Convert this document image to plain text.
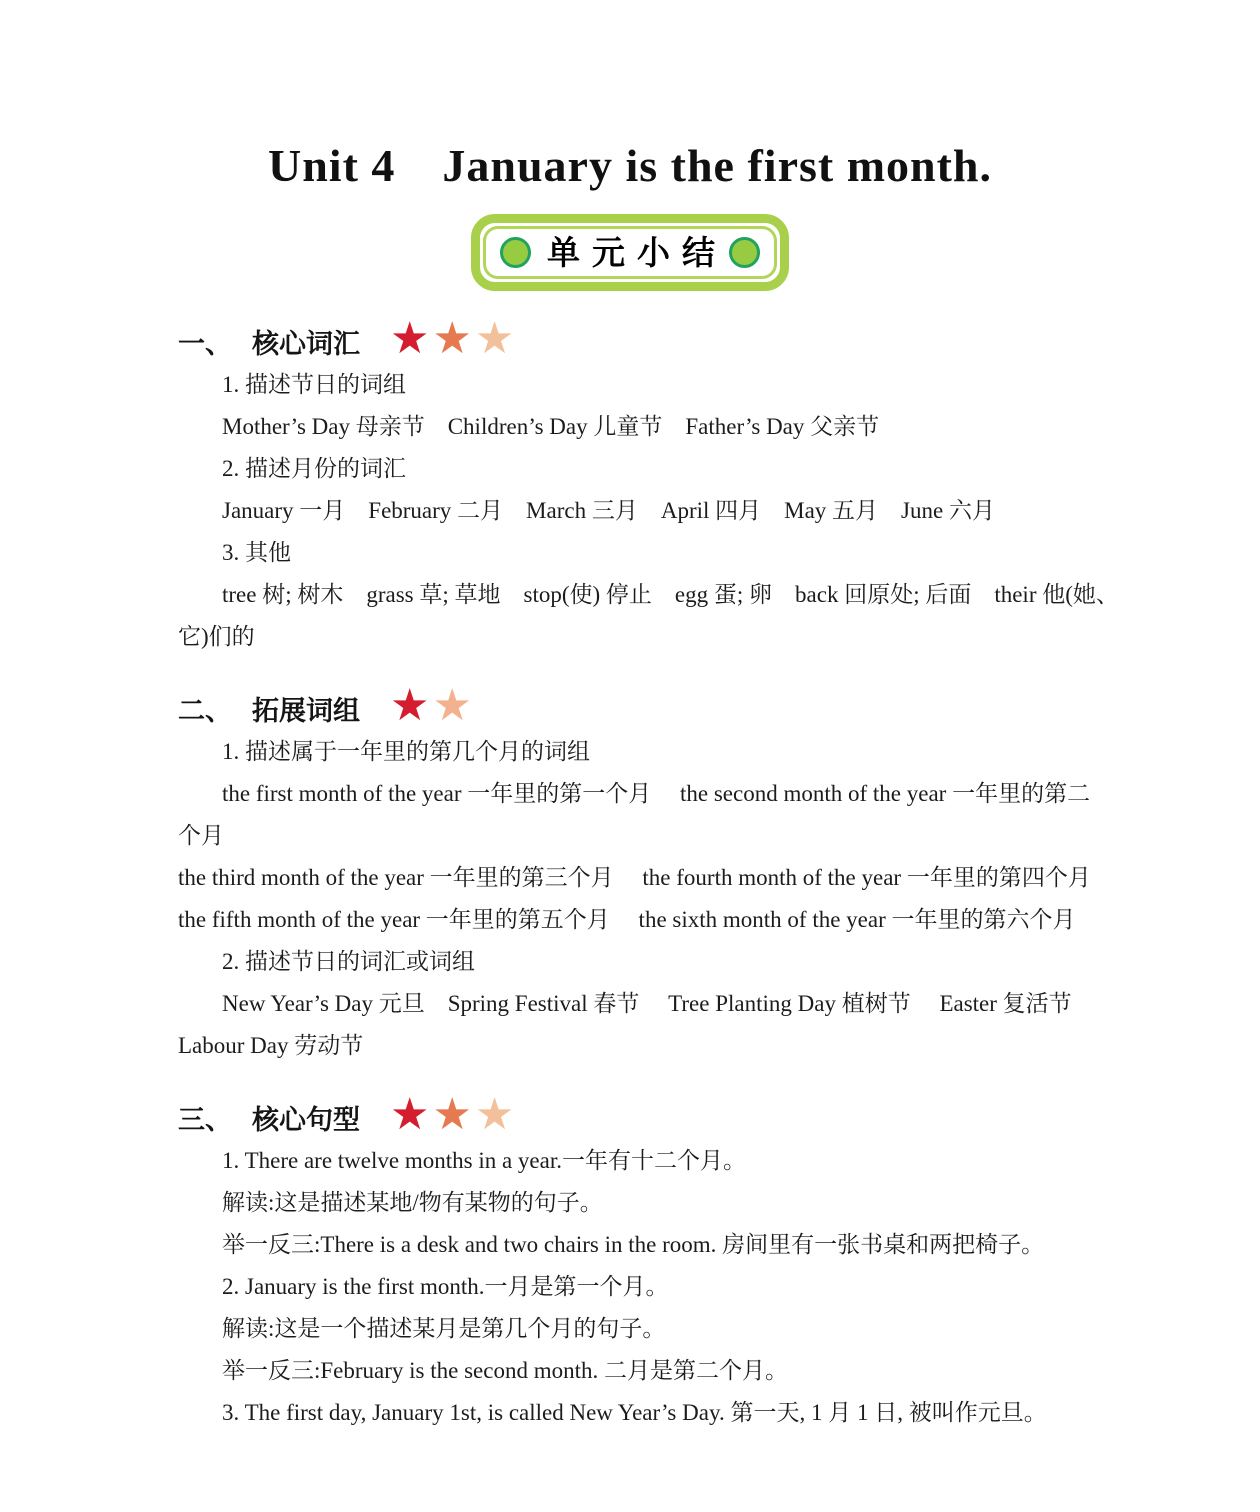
Unit 4　January is the first month.
单元小结
一、 核心词汇 ★ ★ ★

1. 描述节日的词组

Mother’s Day 母亲节　Children’s Day 儿童节　Father’s Day 父亲节

2. 描述月份的词汇

January 一月　February 二月　March 三月　April 四月　May 五月　June 六月

3. 其他

tree 树; 树木　grass 草; 草地　stop(使) 停止　egg 蛋; 卵　back 回原处; 后面　their 他(她、

它)们的

二、 拓展词组 ★ ★

1. 描述属于一年里的第几个月的词组

the first month of the year 一年里的第一个月　 the second month of the year 一年里的第二

个月

the third month of the year 一年里的第三个月　 the fourth month of the year 一年里的第四个月

the fifth month of the year 一年里的第五个月　 the sixth month of the year 一年里的第六个月

2. 描述节日的词汇或词组

New Year’s Day 元旦　Spring Festival 春节　 Tree Planting Day 植树节　 Easter 复活节

Labour Day 劳动节

三、 核心句型 ★ ★ ★

1. There are twelve months in a year.一年有十二个月。

解读:这是描述某地/物有某物的句子。

举一反三:There is a desk and two chairs in the room. 房间里有一张书桌和两把椅子。

2. January is the first month.一月是第一个月。

解读:这是一个描述某月是第几个月的句子。

举一反三:February is the second month. 二月是第二个月。

3. The first day, January 1st, is called New Year’s Day. 第一天, 1 月 1 日, 被叫作元旦。
